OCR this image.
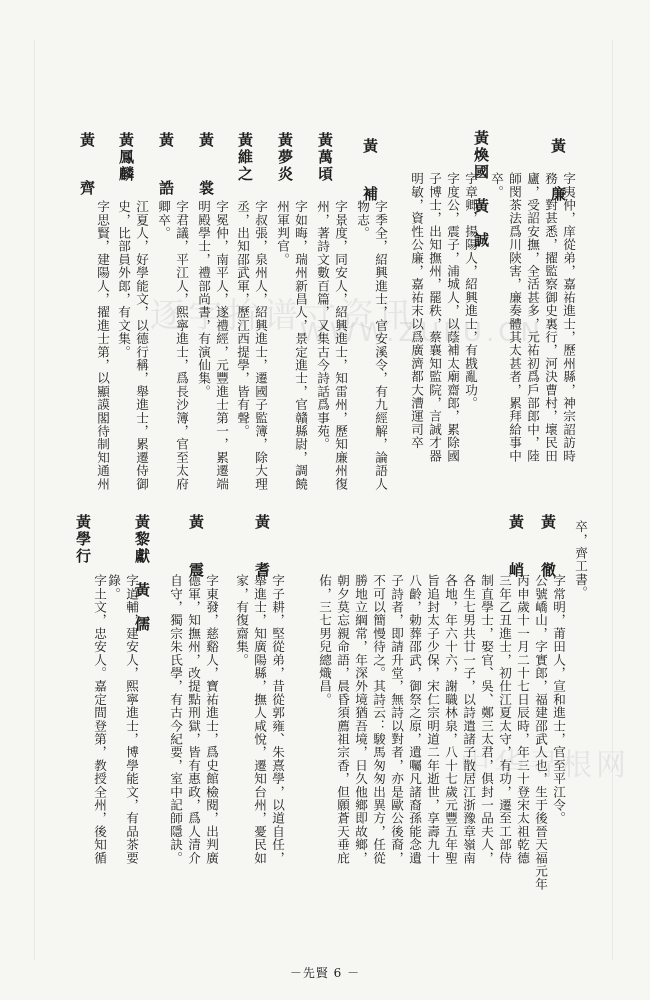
逐字拚谱寸资讯
WWW.ZUPU.CN
中华寻根网
黃　廉
字夷仲，庠從弟，嘉祐進士，歷州縣，神宗詔訪時
務，對甚悉，擢監察御史裏行，河決曹村，壞民田
廬，受詔安撫，全活甚多，元祐初爲戶部郎中，陸
師閔茶法爲川陝害，廉奏體其太甚者，累拜給事中
卒。
黃煥國　黃　誠
字章卿，揚陽人，紹興進士，有戡亂功。
字度公，震子，浦城人，以蔭補太廟齋郎，累除國
子博士，出知撫州，罷秩，蔡襄知監院，言誠才器
明敏，資性公廉，嘉祐末以爲廣濟都大漕運司卒
黃　補
字季全，紹興進士，官安溪令，有九經解，論語人
物志。
黃萬頃
字景度，同安人，紹興進士，知雷州，歷知廉州復
州，著詩文數百篇，又集古今詩話爲事苑。
黃夢炎
字如晦，瑞州新昌人，景定進士，官贛縣尉，調饒
州軍判官。
黃維之
字叔張，泉州人，紹興進士，遷國子監簿，除大理
丞，出知邵武軍，歷江西提學，皆有聲。
黃　裳
字冕仲，南平人，遂禮經，元豐進士第一，累遷端
明殿學士，禮部尚書，有演仙集。
黃　誥
字君議，平江人，熙寧進士，爲長沙簿，官至太府
卿卒。
黃鳳麟
江夏人，好學能文，以德行稱，舉進士，累遷侍御
史，比部員外郎，有文集。
黃　齊
字思賢，建陽人，擢進士第，以顯謨閣待制知通州
卒，齊工書。
黃　徹
黃　峭
字常明，莆田人，宣和進士，官至平江令。
公號嶠山，字實郎，福建邵武人也，生于後晉天福元年
丙申歲十一月二十七日辰時，年三十登宋太祖乾德
三年乙丑進士，初仕江夏太守，有功，遷至工部侍
制直學士，娶官、吳、鄭三太君，俱封一品夫人，
各生七男共廿一子，以詩遣諸子散居江浙豫章嶺南
各地，年六十六，謝職林泉，八十七歲元豐五年聖
旨追封太子少保，宋仁宗明道二年逝世，享壽九十
八齡，勅葬邵武，御祭之原，遺囑凡諸裔孫能念遺
子詩者，即請升堂，無詩以對者，亦是歐公後裔，
不可以簡慢待之。其詩云：駿馬匆匆出異方，任從
勝地立綱常，年深外境猶吾境，日久他鄉即故鄉，
朝夕莫忘親命語，晨昏須薦祖宗香，但願蒼天垂庇
佑，三七男兒總熾昌。
黃　耆
字子耕，堅從弟，昔從郭雍、朱熹學，以道自任，
舉進士，知廣陽縣，撫人咸悅，遷知台州，憂民如
家，有復齋集。
黃　震
字東發，慈谿人，寶祐進士，爲史館檢閱，出判廣
德軍，知撫州，改提點刑獄，皆有惠政，爲人清介
自守，獨宗朱氏學，有古今紀要，室中記師隱訣。
黃黎獻　黃　儒
字道輔，建安人，熙寧進士，博學能文，有品茶要
錄。
黃學行
字土文，忠安人。嘉定間登第，教授全州，後知循
－先賢 6 －
